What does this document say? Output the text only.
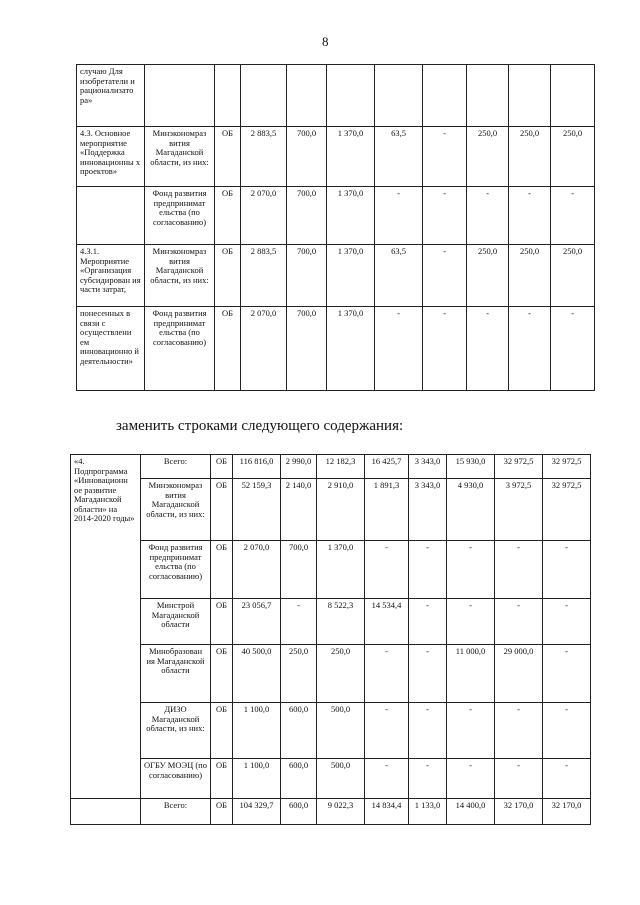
8
случаю Для изобретатели и рационализато ра»										
4.3. Основное мероприятие «Поддержка инновационны х проектов»	Минэкономраз вития Магаданской области, из них:	ОБ	2 883,5	700,0	1 370,0	63,5	-	250,0	250,0	250,0
	Фонд развития предпринимат ельства (по согласованию)	ОБ	2 070,0	700,0	1 370,0	-	-	-	-	-
4.3.1. Мероприятие «Организация субсидирован ия части затрат,	Минэкономраз вития Магаданской области, из них:	ОБ	2 883,5	700,0	1 370,0	63,5	-	250,0	250,0	250,0
понесенных в связи с осуществлени ем инновационно й деятельности»	Фонд развития предпринимат ельства (по согласованию)	ОБ	2 070,0	700,0	1 370,0	-	-	-	-	-
заменить строками следующего содержания:
«4. Подпрограмма «Инновационн ое развитие Магаданской области» на 2014-2020 годы»	Всего:	ОБ	116 816,0	2 990,0	12 182,3	16 425,7	3 343,0	15 930,0	32 972,5	32 972,5
	Минэкономраз вития Магаданской области, из них:	ОБ	52 159,3	2 140,0	2 910,0	1 891,3	3 343,0	4 930,0	3 972,5	32 972,5
	Фонд развития предпринимат ельства (по согласованию)	ОБ	2 070,0	700,0	1 370,0	-	-	-	-	-
	Минстрой Магаданской области	ОБ	23 056,7	-	8 522,3	14 534,4	-	-	-	-
	Минобразован ия Магаданской области	ОБ	40 500,0	250,0	250,0	-	-	11 000,0	29 000,0	-
	ДИЗО Магаданской области, из них:	ОБ	1 100,0	600,0	500,0	-	-	-	-	-
	ОГБУ МОЭЦ (по согласованию)	ОБ	1 100,0	600,0	500,0	-	-	-	-	-
	Всего:	ОБ	104 329,7	600,0	9 022,3	14 834,4	1 133,0	14 400,0	32 170,0	32 170,0
